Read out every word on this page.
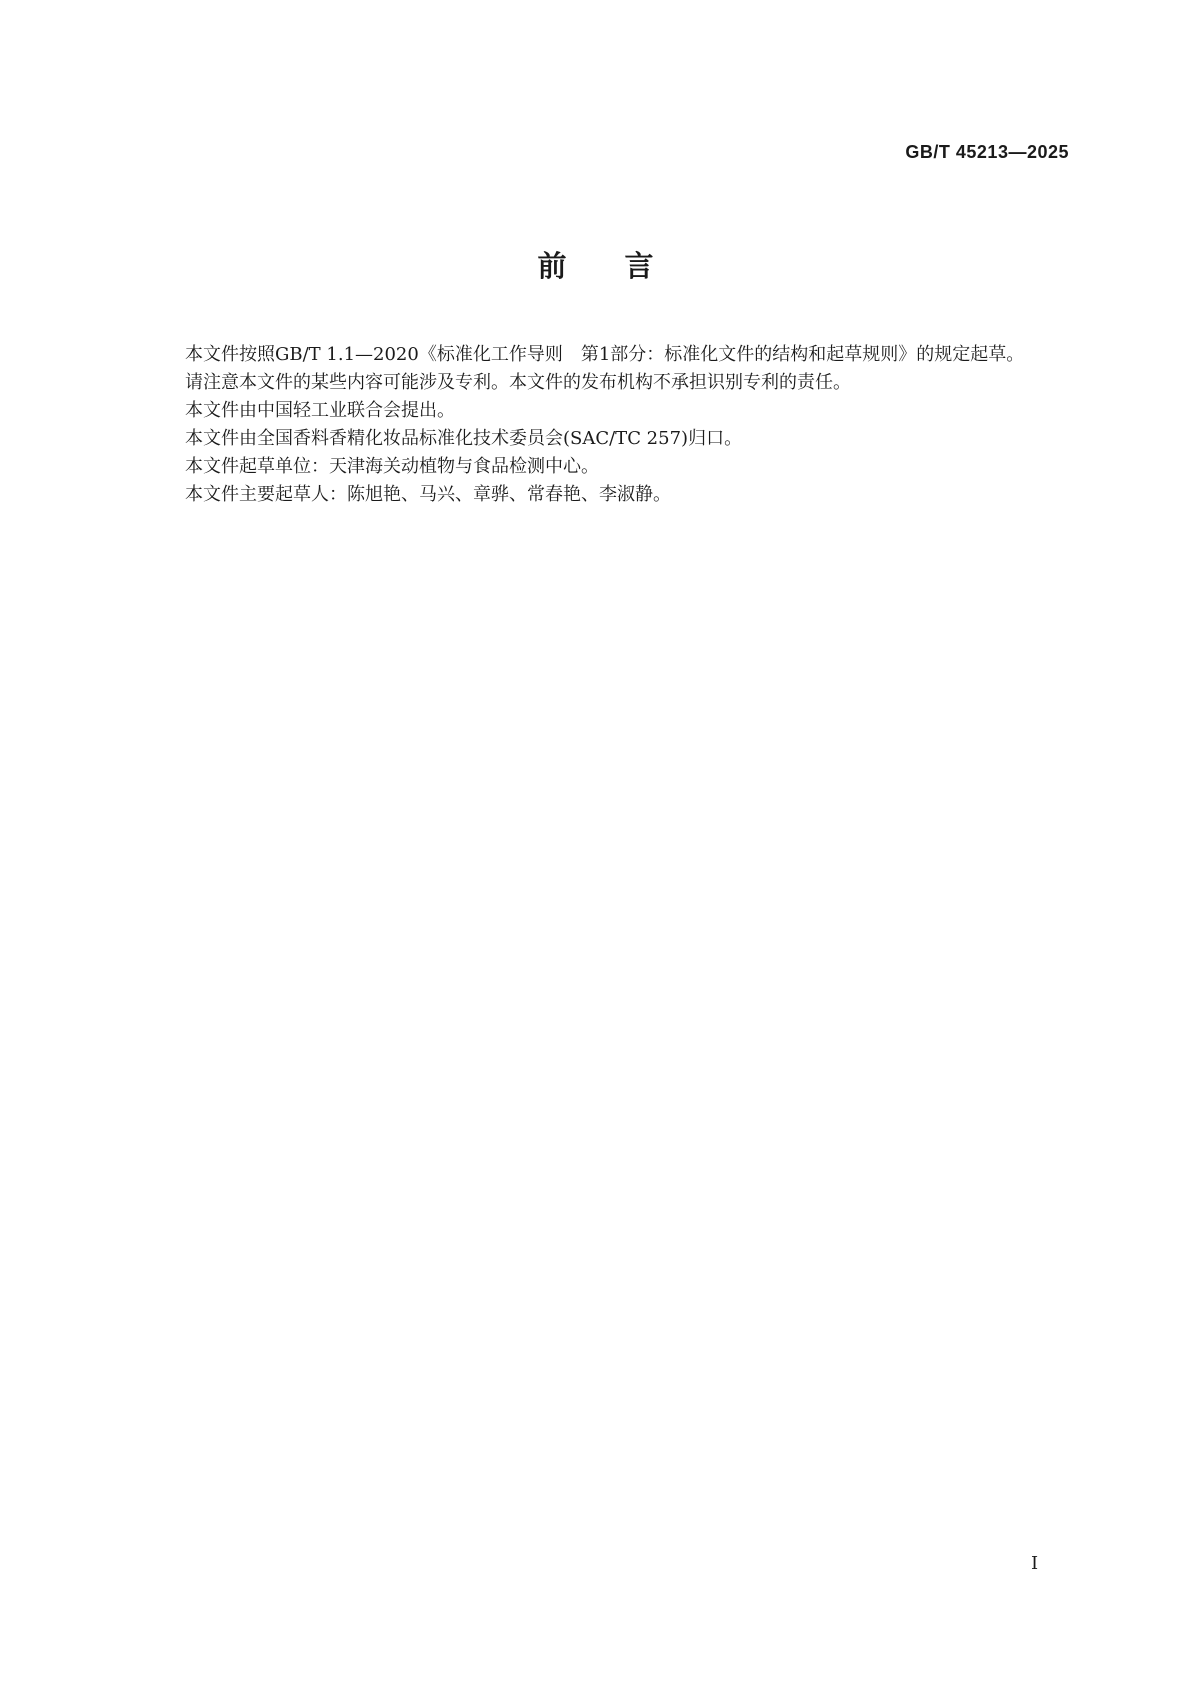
GB/T 45213—2025
前言

本文件按照GB/T 1.1—2020《标准化工作导则　第1部分：标准化文件的结构和起草规则》的规定起草。

请注意本文件的某些内容可能涉及专利。本文件的发布机构不承担识别专利的责任。

本文件由中国轻工业联合会提出。

本文件由全国香料香精化妆品标准化技术委员会(SAC/TC 257)归口。

本文件起草单位：天津海关动植物与食品检测中心。

本文件主要起草人：陈旭艳、马兴、章骅、常春艳、李淑静。

I
